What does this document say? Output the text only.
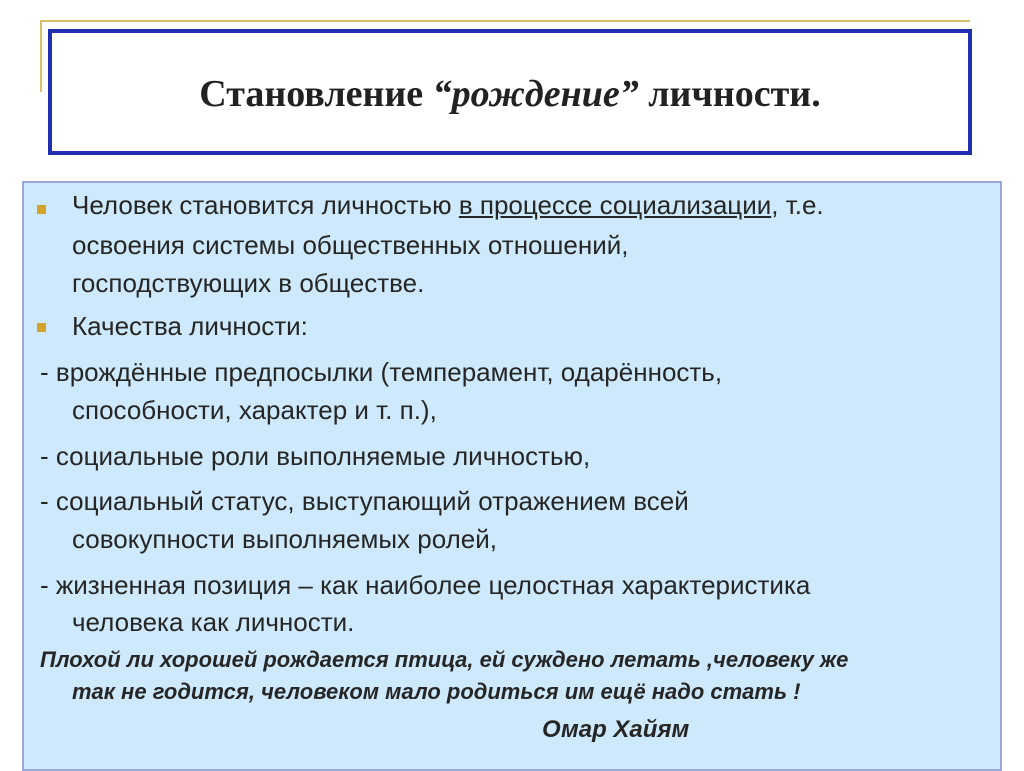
Становление “рождение” личности.
Человек становится личностью в процессе социализации, т.е.
освоения системы общественных отношений,
господствующих в обществе.
Качества личности:
- врождённые предпосылки (темперамент, одарённость,
способности, характер и т. п.),
- социальные роли выполняемые личностью,
- социальный статус, выступающий отражением всей
совокупности выполняемых ролей,
- жизненная позиция – как наиболее целостная характеристика
человека как личности.
Плохой ли хорошей рождается птица, ей суждено летать ,человеку же
так не годится, человеком мало родиться им ещё надо стать !
Омар Хайям
